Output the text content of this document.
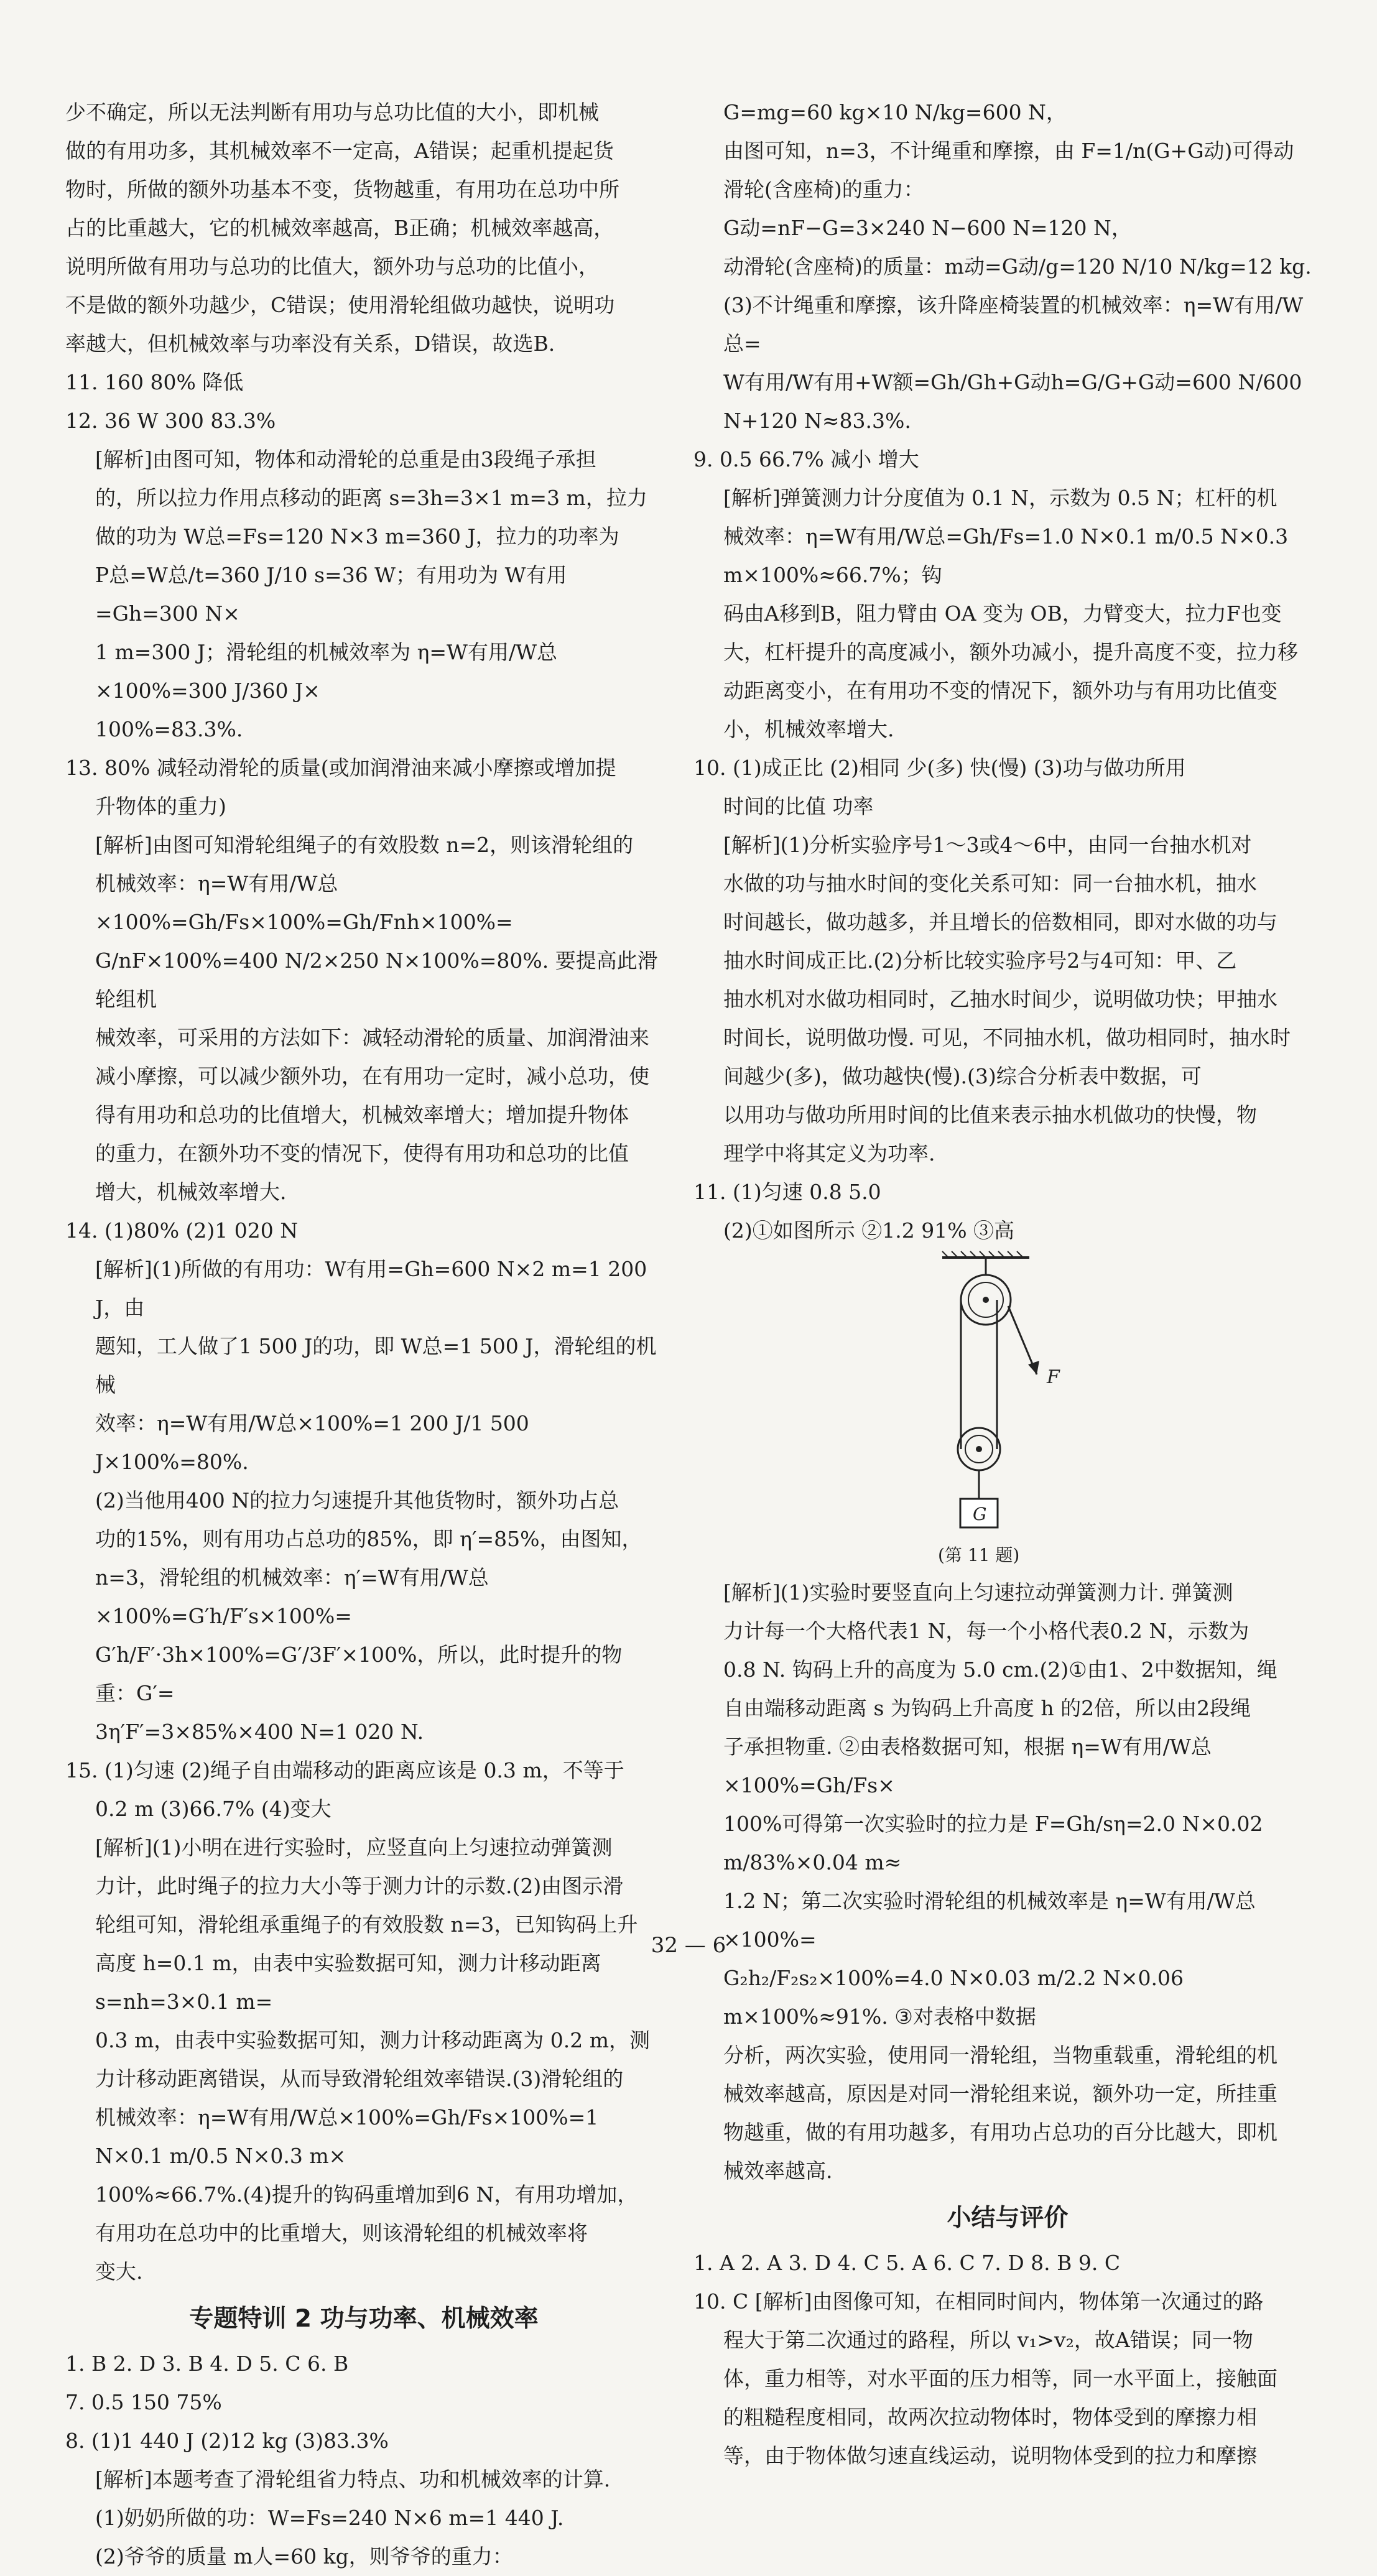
少不确定，所以无法判断有用功与总功比值的大小，即机械

做的有用功多，其机械效率不一定高，A错误；起重机提起货

物时，所做的额外功基本不变，货物越重，有用功在总功中所

占的比重越大，它的机械效率越高，B正确；机械效率越高，

说明所做有用功与总功的比值大，额外功与总功的比值小，

不是做的额外功越少，C错误；使用滑轮组做功越快，说明功

率越大，但机械效率与功率没有关系，D错误，故选B.

11. 160 80% 降低

12. 36 W 300 83.3%

[解析]由图可知，物体和动滑轮的总重是由3段绳子承担

的，所以拉力作用点移动的距离 s=3h=3×1 m=3 m，拉力

做的功为 W总=Fs=120 N×3 m=360 J，拉力的功率为

P总=W总/t=360 J/10 s=36 W；有用功为 W有用=Gh=300 N×

1 m=300 J；滑轮组的机械效率为 η=W有用/W总×100%=300 J/360 J×

100%=83.3%.

13. 80% 减轻动滑轮的质量(或加润滑油来减小摩擦或增加提

升物体的重力)

[解析]由图可知滑轮组绳子的有效股数 n=2，则该滑轮组的

机械效率：η=W有用/W总×100%=Gh/Fs×100%=Gh/Fnh×100%=

G/nF×100%=400 N/2×250 N×100%=80%. 要提高此滑轮组机

械效率，可采用的方法如下：减轻动滑轮的质量、加润滑油来

减小摩擦，可以减少额外功，在有用功一定时，减小总功，使

得有用功和总功的比值增大，机械效率增大；增加提升物体

的重力，在额外功不变的情况下，使得有用功和总功的比值

增大，机械效率增大.

14. (1)80% (2)1 020 N

[解析](1)所做的有用功：W有用=Gh=600 N×2 m=1 200 J，由

题知，工人做了1 500 J的功，即 W总=1 500 J，滑轮组的机械

效率：η=W有用/W总×100%=1 200 J/1 500 J×100%=80%.

(2)当他用400 N的拉力匀速提升其他货物时，额外功占总

功的15%，则有用功占总功的85%，即 η′=85%，由图知，

n=3，滑轮组的机械效率：η′=W有用/W总×100%=G′h/F′s×100%=

G′h/F′·3h×100%=G′/3F′×100%，所以，此时提升的物重：G′=

3η′F′=3×85%×400 N=1 020 N.

15. (1)匀速 (2)绳子自由端移动的距离应该是 0.3 m，不等于

0.2 m (3)66.7% (4)变大

[解析](1)小明在进行实验时，应竖直向上匀速拉动弹簧测

力计，此时绳子的拉力大小等于测力计的示数.(2)由图示滑

轮组可知，滑轮组承重绳子的有效股数 n=3，已知钩码上升

高度 h=0.1 m，由表中实验数据可知，测力计移动距离 s=nh=3×0.1 m=

0.3 m，由表中实验数据可知，测力计移动距离为 0.2 m，测

力计移动距离错误，从而导致滑轮组效率错误.(3)滑轮组的

机械效率：η=W有用/W总×100%=Gh/Fs×100%=1 N×0.1 m/0.5 N×0.3 m×

100%≈66.7%.(4)提升的钩码重增加到6 N，有用功增加，

有用功在总功中的比重增大，则该滑轮组的机械效率将

变大.

专题特训 2 功与功率、机械效率

1. B 2. D 3. B 4. D 5. C 6. B

7. 0.5 150 75%

8. (1)1 440 J (2)12 kg (3)83.3%

[解析]本题考查了滑轮组省力特点、功和机械效率的计算.

(1)奶奶所做的功：W=Fs=240 N×6 m=1 440 J.

(2)爷爷的质量 m人=60 kg，则爷爷的重力：

G=mg=60 kg×10 N/kg=600 N，

由图可知，n=3，不计绳重和摩擦，由 F=1/n(G+G动)可得动

滑轮(含座椅)的重力：

G动=nF−G=3×240 N−600 N=120 N，

动滑轮(含座椅)的质量：m动=G动/g=120 N/10 N/kg=12 kg.

(3)不计绳重和摩擦，该升降座椅装置的机械效率：η=W有用/W总=

W有用/W有用+W额=Gh/Gh+G动h=G/G+G动=600 N/600 N+120 N≈83.3%.

9. 0.5 66.7% 减小 增大

[解析]弹簧测力计分度值为 0.1 N，示数为 0.5 N；杠杆的机

械效率：η=W有用/W总=Gh/Fs=1.0 N×0.1 m/0.5 N×0.3 m×100%≈66.7%；钩

码由A移到B，阻力臂由 OA 变为 OB，力臂变大，拉力F也变

大，杠杆提升的高度减小，额外功减小，提升高度不变，拉力移

动距离变小，在有用功不变的情况下，额外功与有用功比值变

小，机械效率增大.

10. (1)成正比 (2)相同 少(多) 快(慢) (3)功与做功所用

时间的比值 功率

[解析](1)分析实验序号1～3或4～6中，由同一台抽水机对

水做的功与抽水时间的变化关系可知：同一台抽水机，抽水

时间越长，做功越多，并且增长的倍数相同，即对水做的功与

抽水时间成正比.(2)分析比较实验序号2与4可知：甲、乙

抽水机对水做功相同时，乙抽水时间少，说明做功快；甲抽水

时间长，说明做功慢. 可见，不同抽水机，做功相同时，抽水时

间越少(多)，做功越快(慢).(3)综合分析表中数据，可

以用功与做功所用时间的比值来表示抽水机做功的快慢，物

理学中将其定义为功率.

11. (1)匀速 0.8 5.0

(2)①如图所示 ②1.2 91% ③高

F
G
(第 11 题)

[解析](1)实验时要竖直向上匀速拉动弹簧测力计. 弹簧测

力计每一个大格代表1 N，每一个小格代表0.2 N，示数为

0.8 N. 钩码上升的高度为 5.0 cm.(2)①由1、2中数据知，绳

自由端移动距离 s 为钩码上升高度 h 的2倍，所以由2段绳

子承担物重. ②由表格数据可知，根据 η=W有用/W总×100%=Gh/Fs×

100%可得第一次实验时的拉力是 F=Gh/sη=2.0 N×0.02 m/83%×0.04 m≈

1.2 N；第二次实验时滑轮组的机械效率是 η=W有用/W总×100%=

G₂h₂/F₂s₂×100%=4.0 N×0.03 m/2.2 N×0.06 m×100%≈91%. ③对表格中数据

分析，两次实验，使用同一滑轮组，当物重载重，滑轮组的机

械效率越高，原因是对同一滑轮组来说，额外功一定，所挂重

物越重，做的有用功越多，有用功占总功的百分比越大，即机

械效率越高.

小结与评价

1. A 2. A 3. D 4. C 5. A 6. C 7. D 8. B 9. C

10. C [解析]由图像可知，在相同时间内，物体第一次通过的路

程大于第二次通过的路程，所以 v₁>v₂，故A错误；同一物

体，重力相等，对水平面的压力相等，同一水平面上，接触面

的粗糙程度相同，故两次拉动物体时，物体受到的摩擦力相

等，由于物体做匀速直线运动，说明物体受到的拉力和摩擦

32 — 6
